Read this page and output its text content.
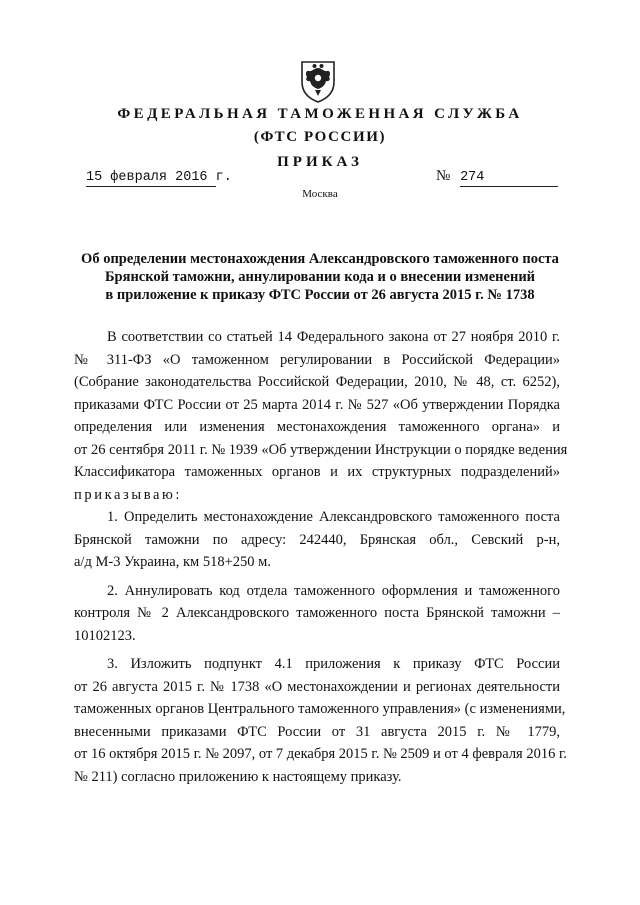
ФЕДЕРАЛЬНАЯ ТАМОЖЕННАЯ СЛУЖБА
(ФТС РОССИИ)
ПРИКАЗ
15 февраля 2016 г.	№ 274
Москва
Об определении местонахождения Александровского таможенного поста
Брянской таможни, аннулировании кода и о внесении изменений
в приложение к приказу ФТС России от 26 августа 2015 г. № 1738
В соответствии со статьей 14 Федерального закона от 27 ноября 2010 г.
№ 311-ФЗ «О таможенном регулировании в Российской Федерации»
(Собрание законодательства Российской Федерации, 2010, № 48, ст. 6252),
приказами ФТС России от 25 марта 2014 г. № 527 «Об утверждении Порядка
определения или изменения местонахождения таможенного органа» и
от 26 сентября 2011 г. № 1939 «Об утверждении Инструкции о порядке ведения
Классификатора таможенных органов и их структурных подразделений»
приказываю:
1. Определить местонахождение Александровского таможенного поста
Брянской таможни по адресу: 242440, Брянская обл., Севский р-н,
а/д М-3 Украина, км 518+250 м.
2. Аннулировать код отдела таможенного оформления и таможенного
контроля № 2 Александровского таможенного поста Брянской таможни –
10102123.
3. Изложить подпункт 4.1 приложения к приказу ФТС России
от 26 августа 2015 г. № 1738 «О местонахождении и регионах деятельности
таможенных органов Центрального таможенного управления» (с изменениями,
внесенными приказами ФТС России от 31 августа 2015 г. № 1779,
от 16 октября 2015 г. № 2097, от 7 декабря 2015 г. № 2509 и от 4 февраля 2016 г.
№ 211) согласно приложению к настоящему приказу.
